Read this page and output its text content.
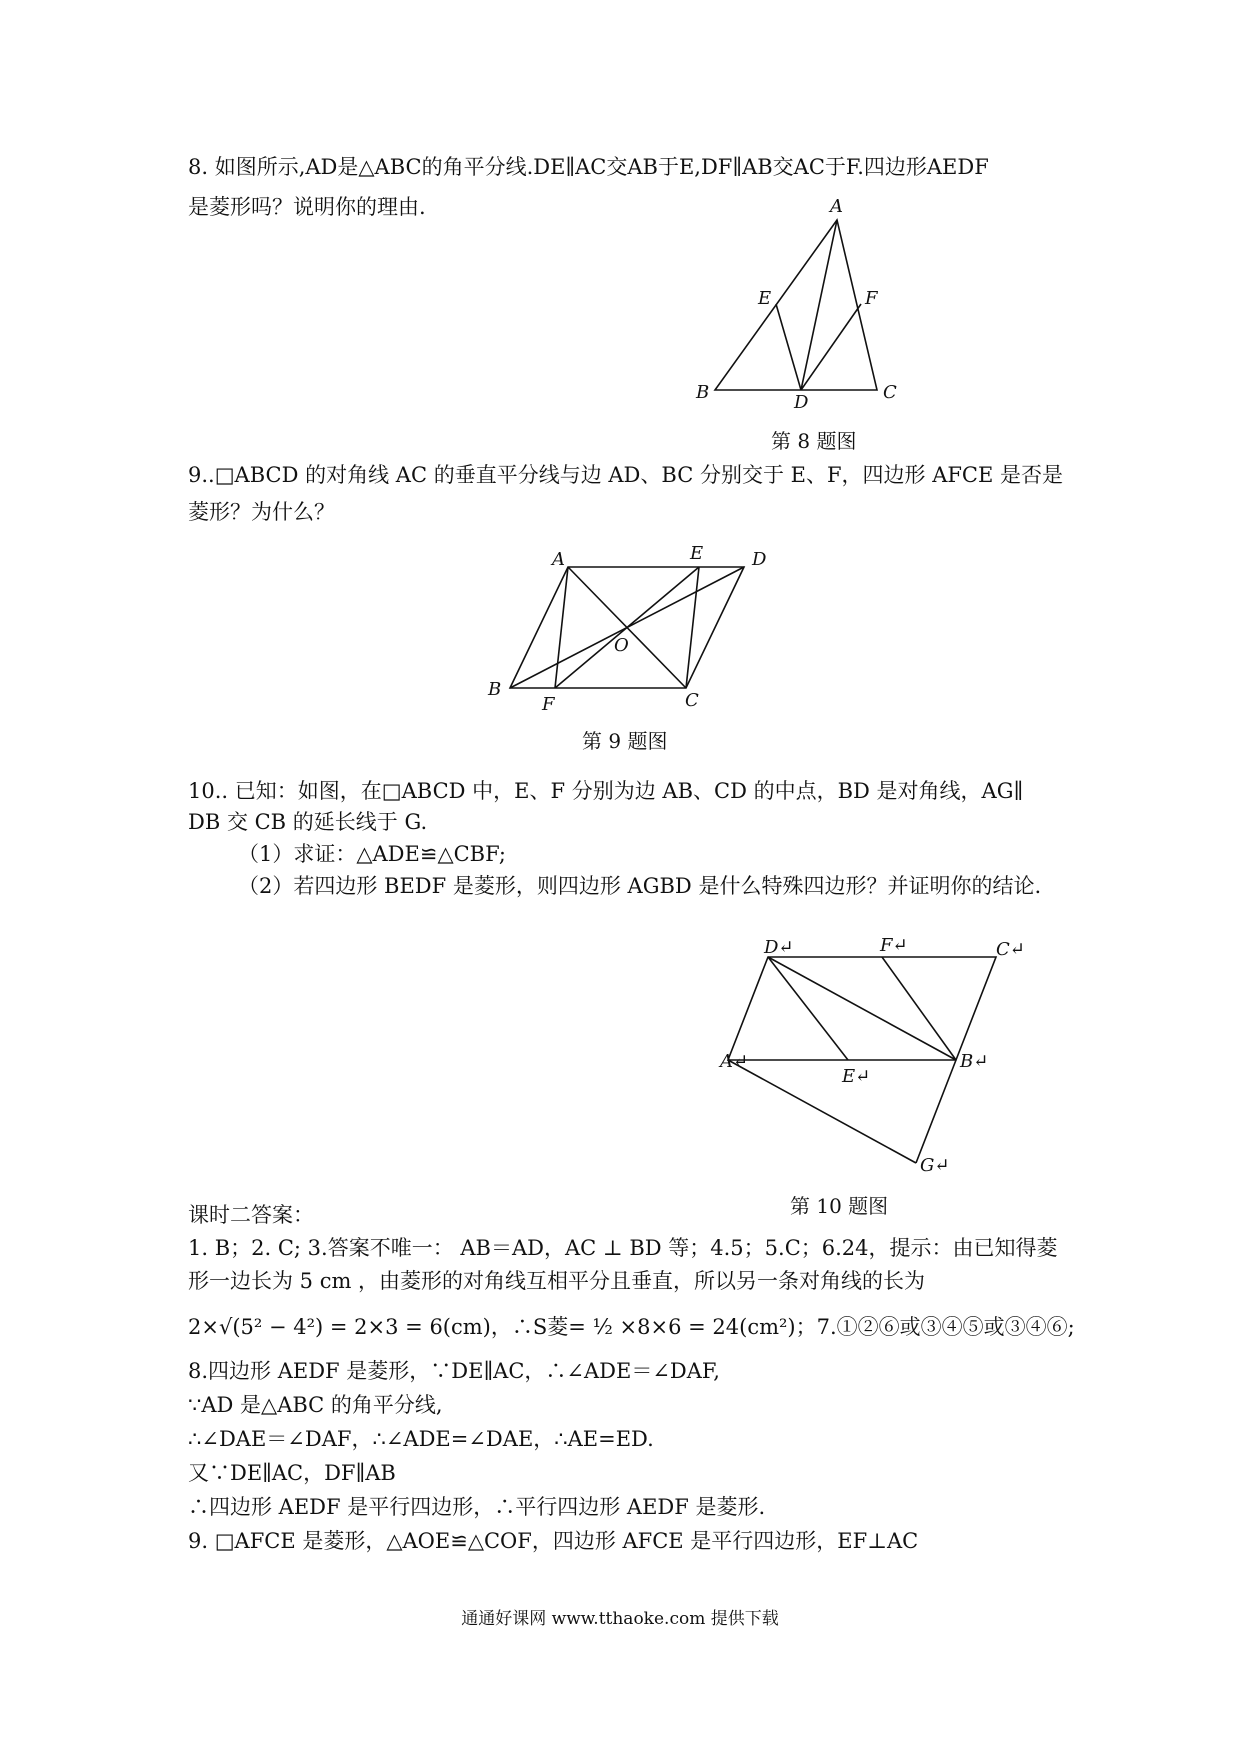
8. 如图所示,AD是△ABC的角平分线.DE∥AC交AB于E,DF∥AB交AC于F.四边形AEDF
是菱形吗？说明你的理由.	A
B	C
D
E	F
第 8 题图
9..□ABCD 的对角线 AC 的垂直平分线与边 AD、BC 分别交于 E、F，四边形 AFCE 是否是
菱形？为什么？
A
B
C
D
E
F
O
第 9 题图
10.. 已知：如图，在□ABCD 中，E、F 分别为边 AB、CD 的中点，BD 是对角线，AG∥
DB 交 CB 的延长线于 G.
（1）求证：△ADE≌△CBF;
（2）若四边形 BEDF 是菱形，则四边形 AGBD 是什么特殊四边形？并证明你的结论.
D↵	F↵	C↵
A↵
E↵
B↵
G↵
第 10 题图
课时二答案：
1. B；2. C; 3.答案不唯一： AB＝AD，AC ⊥ BD 等；4.5；5.C；6.24，提示：由已知得菱
形一边长为 5 cm ，由菱形的对角线互相平分且垂直，所以另一条对角线的长为
2×√(5² − 4²) = 2×3 = 6(cm)，∴S菱= ½ ×8×6 = 24(cm²)；7.①②⑥或③④⑤或③④⑥;
8.四边形 AEDF 是菱形，∵DE∥AC，∴∠ADE＝∠DAF,
∵AD 是△ABC 的角平分线,
∴∠DAE＝∠DAF，∴∠ADE=∠DAE，∴AE=ED.
又∵DE∥AC，DF∥AB
∴四边形 AEDF 是平行四边形，∴平行四边形 AEDF 是菱形.
9. □AFCE 是菱形，△AOE≌△COF，四边形 AFCE 是平行四边形，EF⊥AC
通通好课网 www.tthaoke.com 提供下载
